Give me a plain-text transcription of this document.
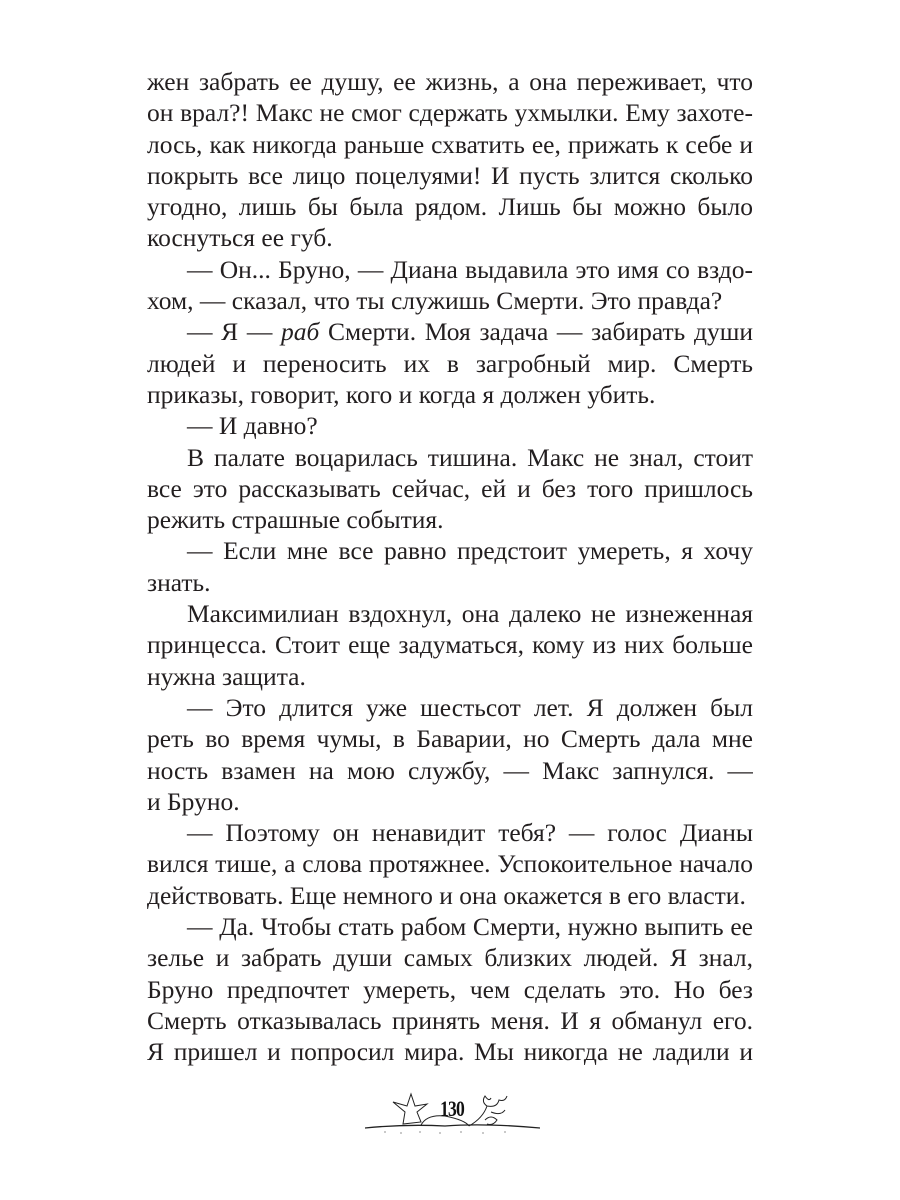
жен забрать ее душу, ее жизнь, а она переживает, что
он врал?! Макс не смог сдержать ухмылки. Ему захоте-
лось, как никогда раньше схватить ее, прижать к себе и
покрыть все лицо поцелуями! И пусть злится сколько
угодно, лишь бы была рядом. Лишь бы можно было
коснуться ее губ.
— Он... Бруно, — Диана выдавила это имя со вздо-
хом, — сказал, что ты служишь Смерти. Это правда?
— Я — раб Смерти. Моя задача — забирать души
людей и переносить их в загробный мир. Смерть
приказы, говорит, кого и когда я должен убить.
— И давно?
В палате воцарилась тишина. Макс не знал, стоит
все это рассказывать сейчас, ей и без того пришлось
режить страшные события.
— Если мне все равно предстоит умереть, я хочу
знать.
Максимилиан вздохнул, она далеко не изнеженная
принцесса. Стоит еще задуматься, кому из них больше
нужна защита.
— Это длится уже шестьсот лет. Я должен был
реть во время чумы, в Баварии, но Смерть дала мне
ность взамен на мою службу, — Макс запнулся. —
и Бруно.
— Поэтому он ненавидит тебя? — голос Дианы
вился тише, а слова протяжнее. Успокоительное начало
действовать. Еще немного и она окажется в его власти.
— Да. Чтобы стать рабом Смерти, нужно выпить ее
зелье и забрать души самых близких людей. Я знал,
Бруно предпочтет умереть, чем сделать это. Но без
Смерть отказывалась принять меня. И я обманул его.
Я пришел и попросил мира. Мы никогда не ладили и
130
